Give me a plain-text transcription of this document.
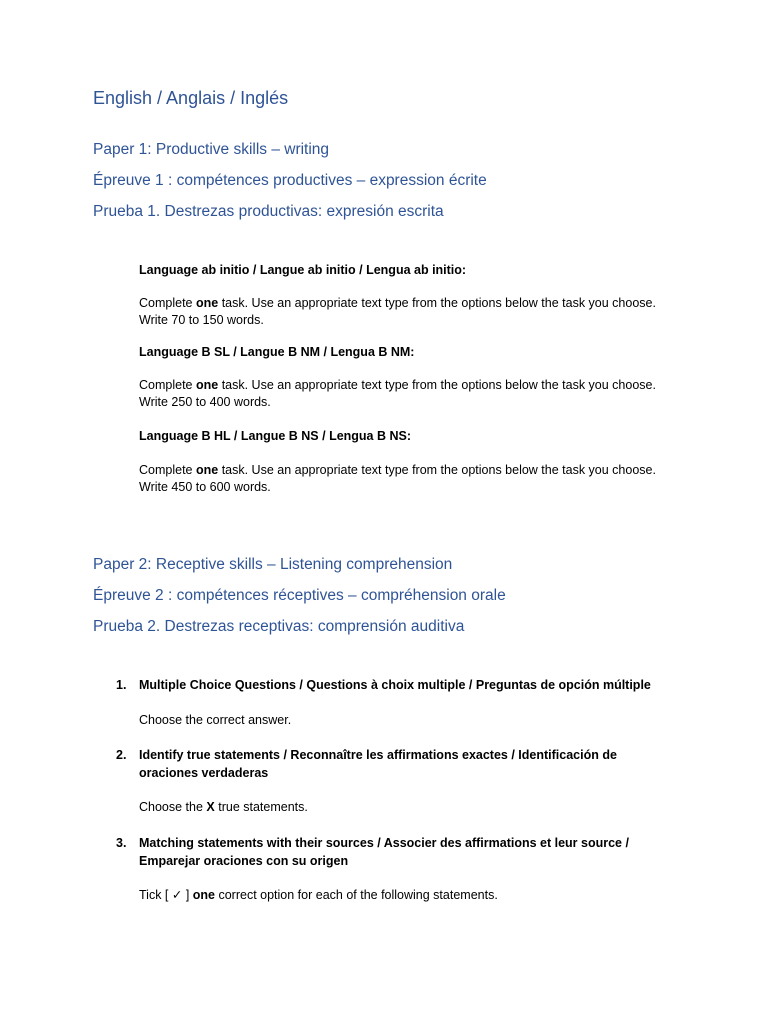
English / Anglais / Inglés
Paper 1: Productive skills – writing
Épreuve 1 : compétences productives – expression écrite
Prueba 1. Destrezas productivas: expresión escrita

Language ab initio / Langue ab initio / Lengua ab initio:

Complete one task. Use an appropriate text type from the options below the task you choose. Write 70 to 150 words.

Language B SL / Langue B NM / Lengua B NM:

Complete one task. Use an appropriate text type from the options below the task you choose. Write 250 to 400 words.

Language B HL / Langue B NS / Lengua B NS:

Complete one task. Use an appropriate text type from the options below the task you choose. Write 450 to 600 words.

Paper 2: Receptive skills – Listening comprehension
Épreuve 2 : compétences réceptives – compréhension orale
Prueba 2. Destrezas receptivas: comprensión auditiva
1. Multiple Choice Questions / Questions à choix multiple / Preguntas de opción múltiple
Choose the correct answer.
2. Identify true statements / Reconnaître les affirmations exactes / Identificación de oraciones verdaderas
Choose the X true statements.
3. Matching statements with their sources / Associer des affirmations et leur source / Emparejar oraciones con su origen
Tick [ ✓ ] one correct option for each of the following statements.
